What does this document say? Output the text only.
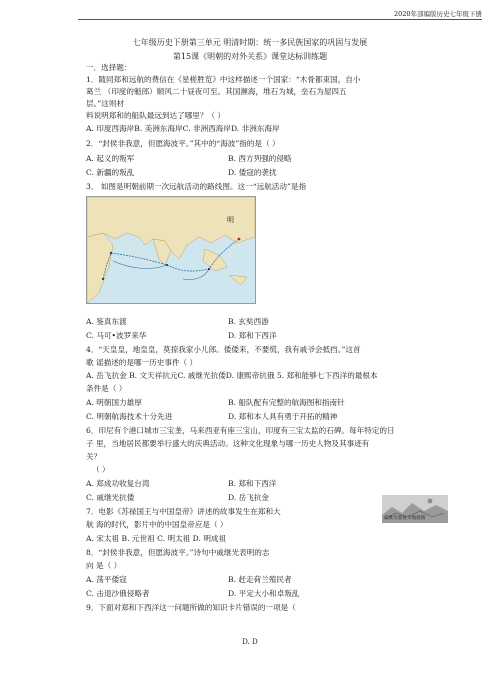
2020年部编版历史七年级下册
七年级历史下册第三单元 明清时期：统一多民族国家的巩固与发展
第15课《明朝的对外关系》课堂达标训练题
一．选择题：
1．随同郑和远航的费信在《星槎胜览》中这样描述一个国家：“木骨都束国，自小
葛兰 （印度的魁郎）顺风二十昼夜可至。其国濒海，堆石为城，垒石为屋四五
层。”这则材
料说明郑和的船队最远到达了哪里？（ ）
A. 印度西海岸B. 美洲东海岸C. 非洲西海岸D. 非洲东海岸
2．“封侯非我意，但愿海波平。”其中的“海波”指的是（ ）
A. 起义的叛军	B. 西方列强的侵略
C. 新疆的叛乱	D. 倭寇的袭扰
3． 如图是明朝前期一次远航活动的路线图。这一“远航活动”是指
明
A. 鉴真东渡	B. 玄奘西游
C. 马可•波罗来华	D. 郑和下西洋
4．“天皇皇，地皇皇，莫掠我家小儿郎。倭倭来，不要慌，我有戚爷会抵挡。”这首
歌 谣描述的是哪一历史事件（ ）
A. 岳飞抗金 B. 文天祥抗元C. 戚继光抗倭D. 康熙帝抗俄 5. 郑和能够七下西洋的最根本
条件是（ ）
A. 明朝国力雄厚	B. 船队配有完整的航海图和指南针
C. 明朝航海技术十分先进	D. 郑和本人具有勇于开拓的精神
6．印尼有个港口城市三宝垄，马来西亚有座三宝山，印度有三宝太监的石碑。每年特定的日
子 里，当地居民都要举行盛大的庆典活动。这种文化现象与哪一历史人物及其事迹有
关？
（ ）
A. 郑成功收复台湾	B. 郑和下西洋
C. 戚继光抗倭	D. 岳飞抗金
7．电影《苏禄国王与中国皇帝》讲述的故事发生在郑和大
航 海的时代，影片中的中国皇帝应是（ ）
A. 宋太祖 B. 元世祖 C. 明太祖 D. 明成祖
戚继光收复失地群图
8．“封侯非我意，但愿海波平。”诗句中戚继光表明的志
向 是（ ）
A. 荡平倭寇	B. 赶走荷兰殖民者
C. 击退沙俄侵略者	D. 平定大小和卓叛乱
9．下面对郑和下西洋这一问题所做的知识卡片错误的一项是（
D. D
